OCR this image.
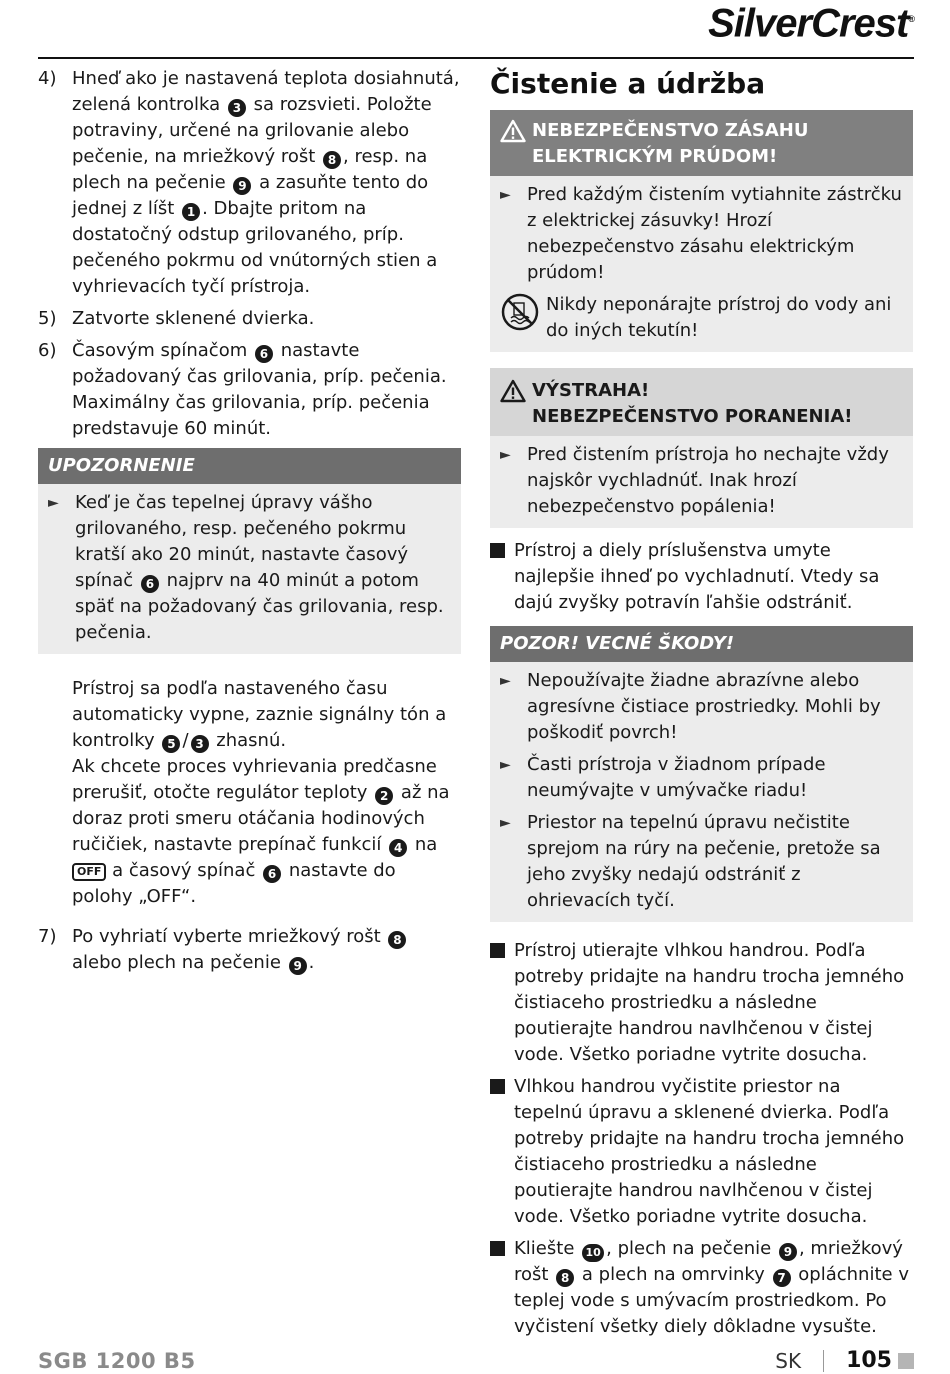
SilverCrest®
4) Hneď ako je nastavená teplota dosiahnutá, zelená kontrolka 3 sa rozsvieti. Položte potraviny, určené na grilovanie alebo pečenie, na mriežkový rošt 8 , resp. na plech na pečenie 9 a zasuňte tento do jednej z líšt 1 . Dbajte pritom na dostatočný odstup grilovaného, príp. pečeného pokrmu od vnútorných stien a vyhrievacích tyčí prístroja.
5) Zatvorte sklenené dvierka.
6) Časovým spínačom 6 nastavte požadovaný čas grilovania, príp. pečenia. Maximálny čas grilovania, príp. pečenia predstavuje 60 minút.
UPOZORNENIE
► Keď je čas tepelnej úpravy vášho grilovaného, resp. pečeného pokrmu kratší ako 20 minút, nastavte časový spínač 6 najprv na 40 minút a potom späť na požadovaný čas grilovania, resp. pečenia.
Prístroj sa podľa nastaveného času automaticky vypne, zaznie signálny tón a kontrolky 5 / 3 zhasnú.
Ak chcete proces vyhrievania predčasne prerušiť, otočte regulátor teploty 2 až na doraz proti smeru otáčania hodinových ručičiek, nastavte prepínač funkcií 4 na OFF a časový spínač 6 nastavte do polohy „OFF“.
7) Po vyhriatí vyberte mriežkový rošt 8 alebo plech na pečenie 9 .
Čistenie a údržba
NEBEZPEČENSTVO ZÁSAHU
ELEKTRICKÝM PRÚDOM!
► Pred každým čistením vytiahnite zástrčku z elektrickej zásuvky! Hrozí nebezpečenstvo zásahu elektrickým prúdom!
Nikdy neponárajte prístroj do vody ani do iných tekutín!
VÝSTRAHA!
NEBEZPEČENSTVO PORANENIA!
► Pred čistením prístroja ho nechajte vždy najskôr vychladnúť. Inak hrozí nebezpečenstvo popálenia!
Prístroj a diely príslušenstva umyte najlepšie ihneď po vychladnutí. Vtedy sa dajú zvyšky potravín ľahšie odstrániť.
POZOR! VECNÉ ŠKODY!
► Nepoužívajte žiadne abrazívne alebo agresívne čistiace prostriedky. Mohli by poškodiť povrch!
► Časti prístroja v žiadnom prípade neumývajte v umývačke riadu!
► Priestor na tepelnú úpravu nečistite sprejom na rúry na pečenie, pretože sa jeho zvyšky nedajú odstrániť z ohrievacích tyčí.
Prístroj utierajte vlhkou handrou. Podľa potreby pridajte na handru trocha jemného čistiaceho prostriedku a následne poutierajte handrou navlhčenou v čistej vode. Všetko poriadne vytrite dosucha.
Vlhkou handrou vyčistite priestor na tepelnú úpravu a sklenené dvierka. Podľa potreby pridajte na handru trocha jemného čistiaceho prostriedku a následne poutierajte handrou navlhčenou v čistej vode. Všetko poriadne vytrite dosucha.
Kliešte 10 , plech na pečenie 9 , mriežkový rošt 8 a plech na omrvinky 7 opláchnite v teplej vode s umývacím prostriedkom. Po vyčistení všetky diely dôkladne vysušte.
SGB 1200 B5	SK 105
